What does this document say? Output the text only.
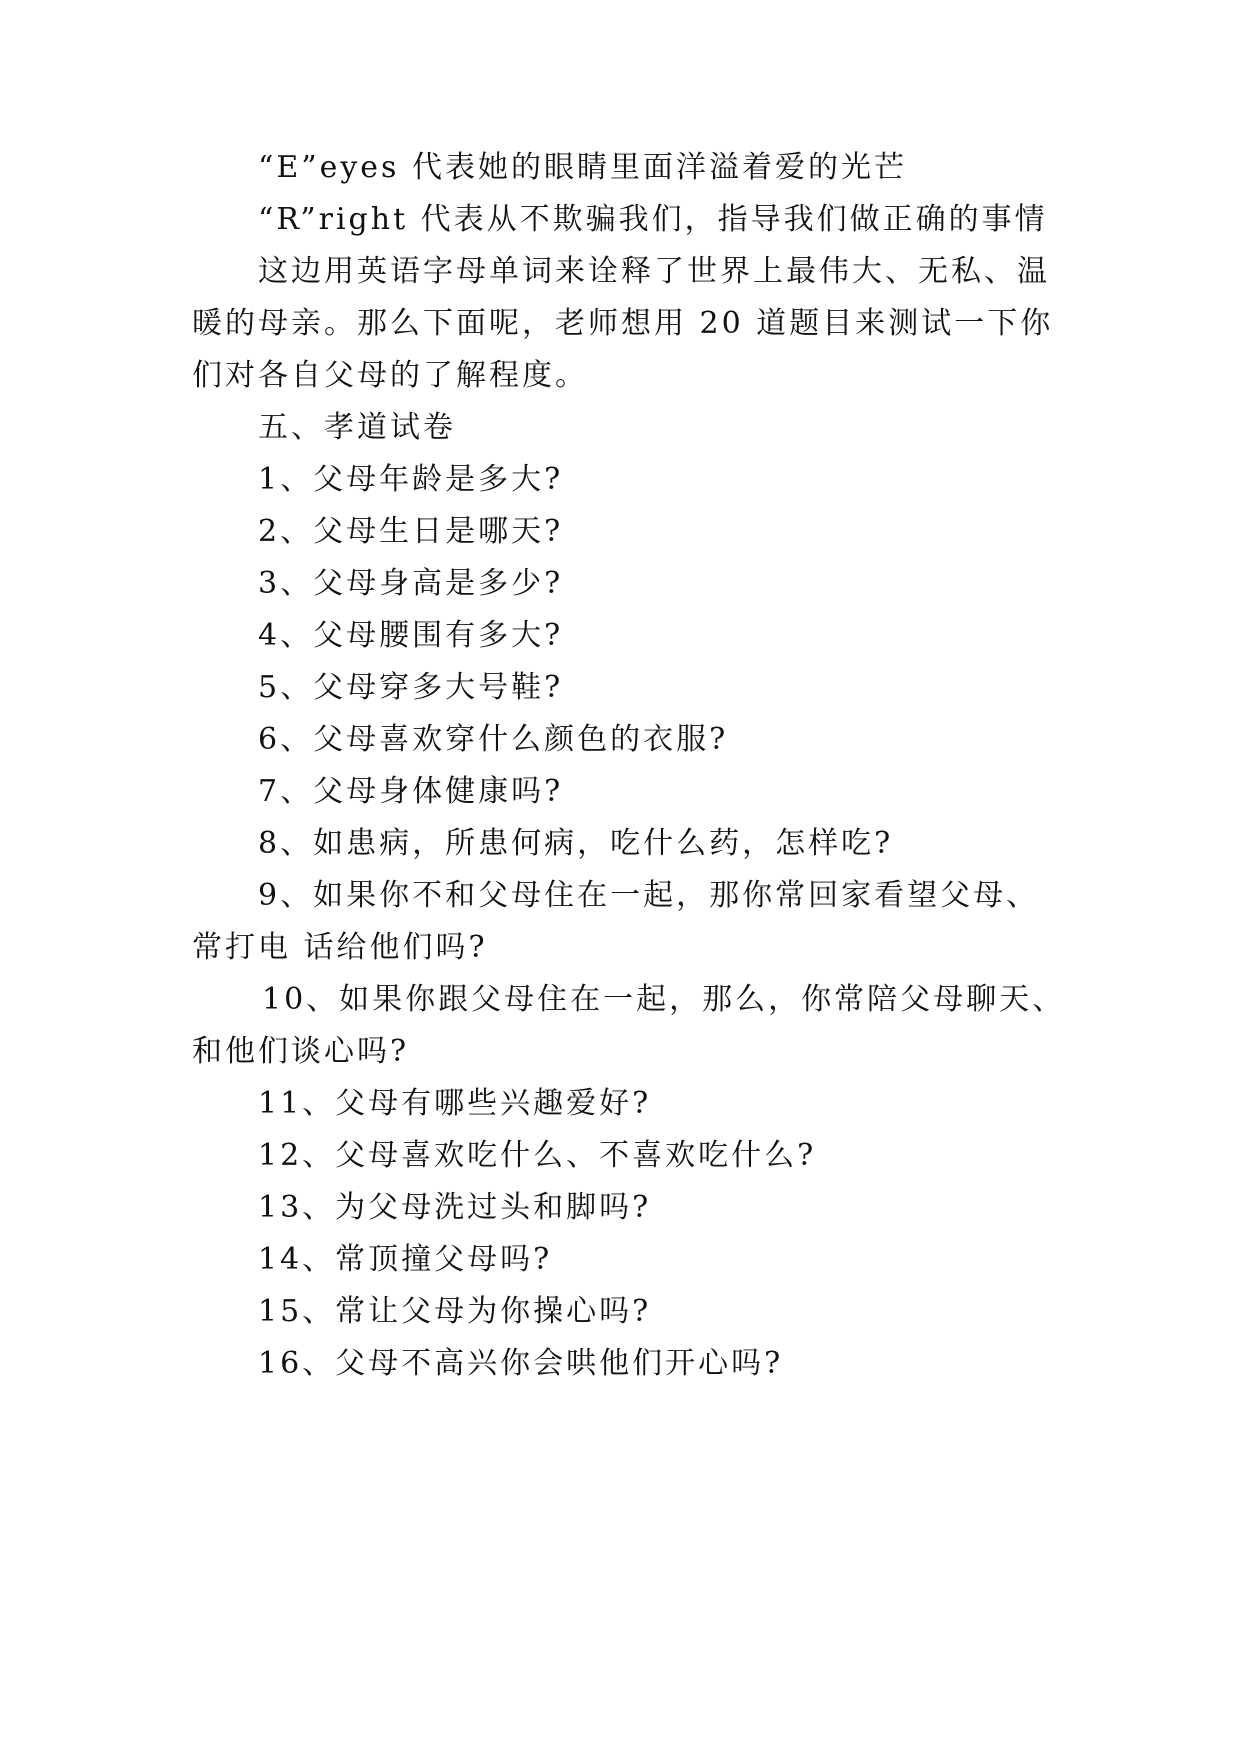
“E”eyes 代表她的眼睛里面洋溢着爱的光芒
“R”right 代表从不欺骗我们，指导我们做正确的事情
这边用英语字母单词来诠释了世界上最伟大、无私、温
暖的母亲。那么下面呢，老师想用 20 道题目来测试一下你
们对各自父母的了解程度。
五、孝道试卷
1、父母年龄是多大?
2、父母生日是哪天?
3、父母身高是多少?
4、父母腰围有多大?
5、父母穿多大号鞋?
6、父母喜欢穿什么颜色的衣服?
7、父母身体健康吗?
8、如患病，所患何病，吃什么药，怎样吃?
9、如果你不和父母住在一起，那你常回家看望父母、
常打电 话给他们吗?
10、如果你跟父母住在一起，那么，你常陪父母聊天、
和他们谈心吗?
11、父母有哪些兴趣爱好?
12、父母喜欢吃什么、不喜欢吃什么?
13、为父母洗过头和脚吗?
14、常顶撞父母吗?
15、常让父母为你操心吗?
16、父母不高兴你会哄他们开心吗?
